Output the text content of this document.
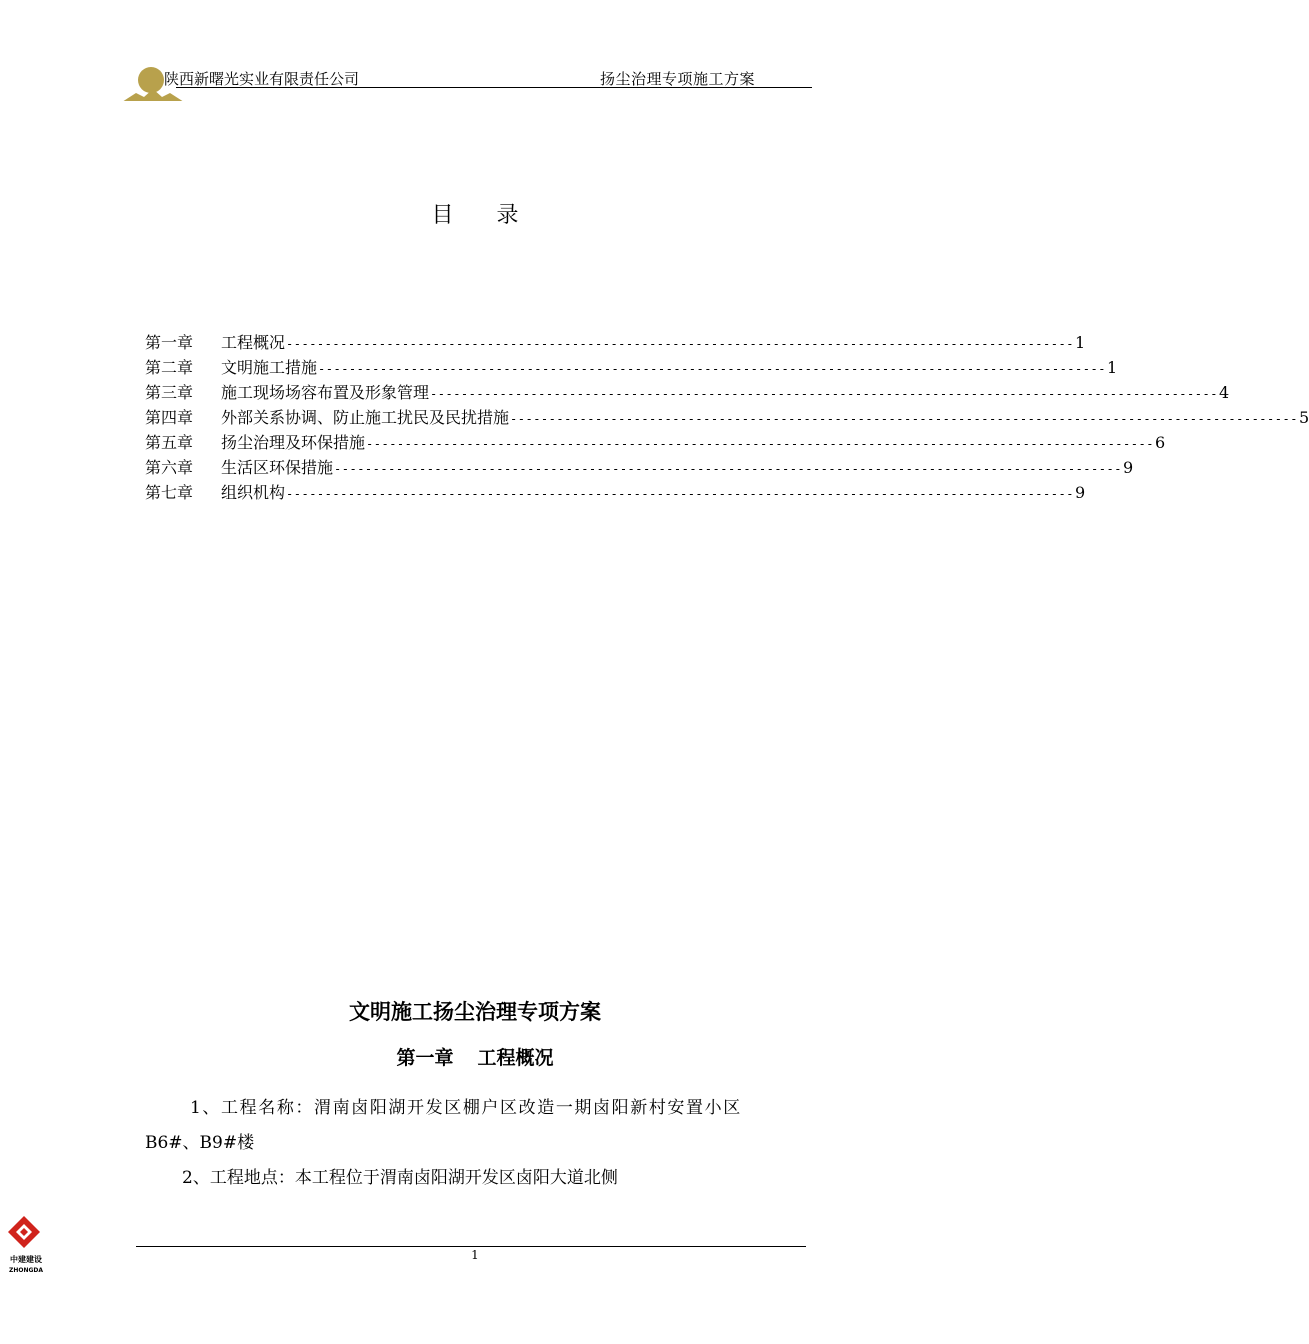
陕西新曙光实业有限责任公司	扬尘治理专项施工方案
目 录
第一章	工程概况 ------------------------------------------------------------------------------------------------------ 1
第二章	文明施工措施 ------------------------------------------------------------------------------------------------------ 1
第三章	施工现场场容布置及形象管理 ------------------------------------------------------------------------------------------------------ 4
第四章	外部关系协调、防止施工扰民及民扰措施 ------------------------------------------------------------------------------------------------------ 5
第五章	扬尘治理及环保措施 ------------------------------------------------------------------------------------------------------ 6
第六章	生活区环保措施 ------------------------------------------------------------------------------------------------------ 9
第七章	组织机构 ------------------------------------------------------------------------------------------------------ 9
文明施工扬尘治理专项方案
第一章 工程概况
1、工程名称：渭南卤阳湖开发区棚户区改造一期卤阳新村安置小区
B6#、B9#楼
2、工程地点：本工程位于渭南卤阳湖开发区卤阳大道北侧
中建建设
ZHONGDA
1
